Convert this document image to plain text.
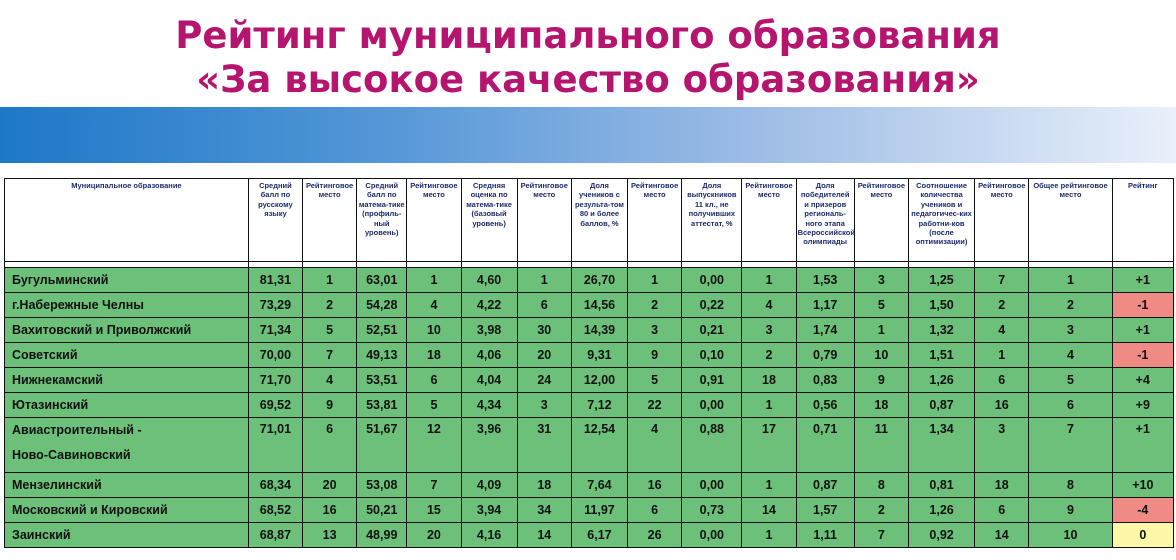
Рейтинг муниципального образования
«За высокое качество образования»
Муниципальное образование	Средний балл по русскому языку	Рейтинговое место	Средний балл по матема-тике (профиль-ный уровень)	Рейтинговое место	Средняя оценка по матема-тике (базовый уровень)	Рейтинговое место	Доля учеников с результа-том 80 и более баллов, %	Рейтинговое место	Доля выпускников 11 кл., не получивших аттестат, %	Рейтинговое место	Доля победителей и призеров региональ-ного этапа Всероссийской олимпиады	Рейтинговое место	Соотношение количества учеников и педагогичес-ких работни-ков (после оптимизации)	Рейтинговое место	Общее рейтинговое место	Рейтинг

Бугульминский	81,31	1	63,01	1	4,60	1	26,70	1	0,00	1	1,53	3	1,25	7	1	+1

г.Набережные Челны	73,29	2	54,28	4	4,22	6	14,56	2	0,22	4	1,17	5	1,50	2	2	-1

Вахитовский и Приволжский	71,34	5	52,51	10	3,98	30	14,39	3	0,21	3	1,74	1	1,32	4	3	+1

Советский	70,00	7	49,13	18	4,06	20	9,31	9	0,10	2	0,79	10	1,51	1	4	-1

Нижнекамский	71,70	4	53,51	6	4,04	24	12,00	5	0,91	18	0,83	9	1,26	6	5	+4

Ютазинский	69,52	9	53,81	5	4,34	3	7,12	22	0,00	1	0,56	18	0,87	16	6	+9

Авиастроительный -
Ново-Савиновский	71,01	6	51,67	12	3,96	31	12,54	4	0,88	17	0,71	11	1,34	3	7	+1

Мензелинский	68,34	20	53,08	7	4,09	18	7,64	16	0,00	1	0,87	8	0,81	18	8	+10

Московский и Кировский	68,52	16	50,21	15	3,94	34	11,97	6	0,73	14	1,57	2	1,26	6	9	-4

Заинский	68,87	13	48,99	20	4,16	14	6,17	26	0,00	1	1,11	7	0,92	14	10	0
